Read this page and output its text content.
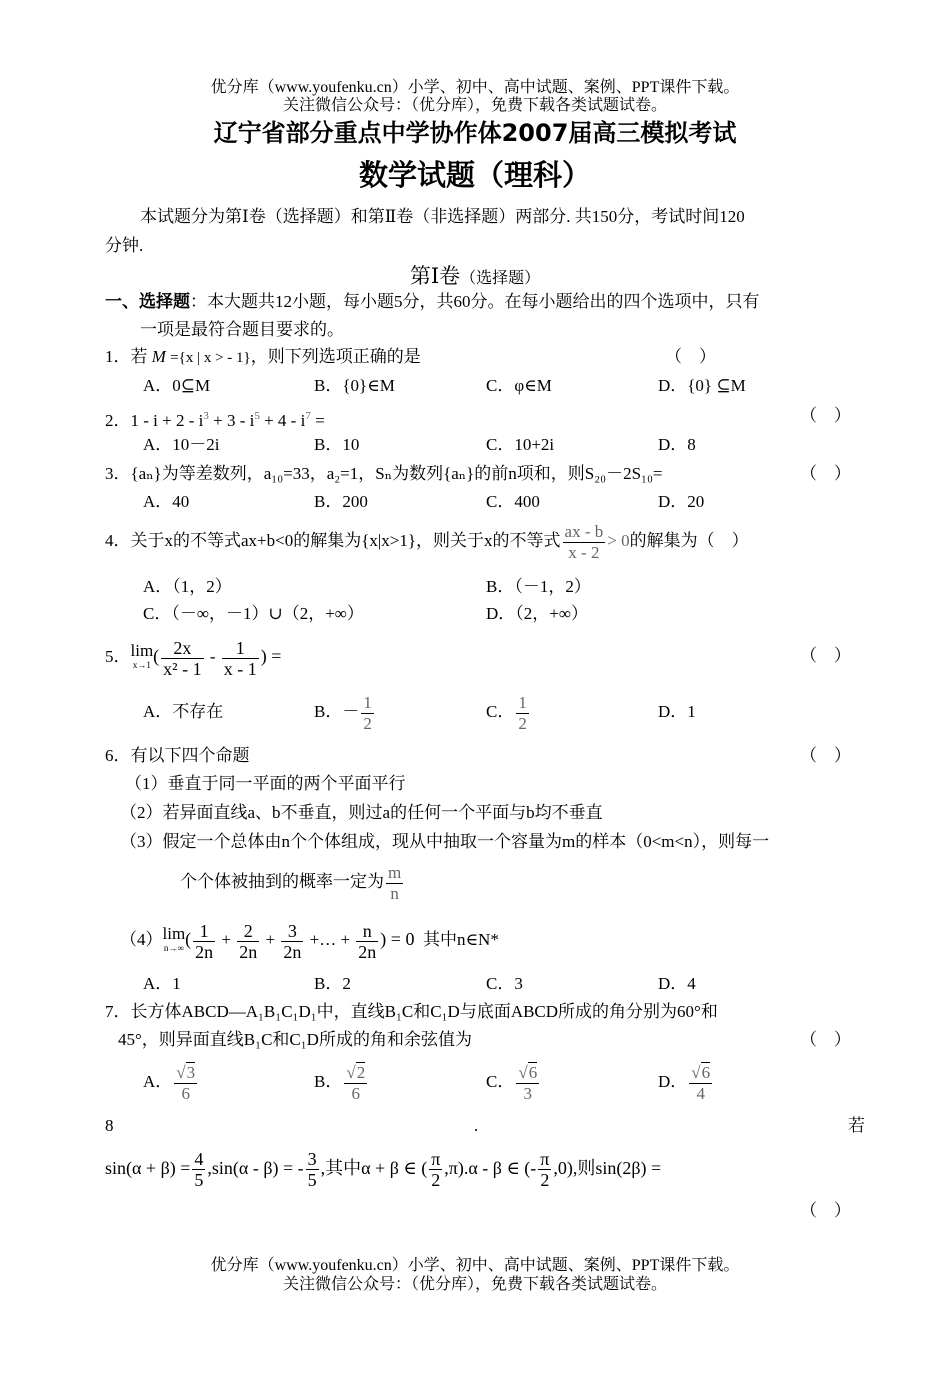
优分库（www.youfenku.cn）小学、初中、高中试题、案例、PPT课件下载。
关注微信公众号：（优分库），免费下载各类试题试卷。
辽宁省部分重点中学协作体2007届高三模拟考试
数学试题（理科）
本试题分为第Ⅰ卷（选择题）和第Ⅱ卷（非选择题）两部分. 共150分，考试时间120
分钟.
第Ⅰ卷（选择题）
一、选择题：本大题共12小题，每小题5分，共60分。在每小题给出的四个选项中，只有
一项是最符合题目要求的。
1．若 M ={x | x > - 1}，则下列选项正确的是	（　）
A．0⊆M	B．{0}∈M	C．φ∈M	D．{0} ⊆M
2．$1 - i + 2 - i^3 + 3 - i^5 + 4 - i^7$ =	（　）
A．10－2i	B．10	C．10+2i	D．8
3．{aₙ}为等差数列，a₁₀=33，a₂=1，Sₙ为数列{aₙ}的前n项和，则S₂₀－2S₁₀=	（　）
A．40	B．200	C．400	D．20
4．关于x的不等式ax+b<0的解集为{x|x>1}，则关于x的不等式 $\frac{ax - b}{x - 2} > 0$的解集为（　）
A．（1，2）	B．（－1，2）
C．（－∞，－1）∪（2，+∞）	D．（2，+∞）
5． lim
x→1 ( $\frac{2x}{\text{x² - 1}} - \frac{1}{x - 1}$ ) =	（　）
A．不存在	B．－ $\frac{1}{2}$	C． $\frac{1}{2}$	D．1
6．有以下四个命题	（　）
（1）垂直于同一平面的两个平面平行
（2）若异面直线a、b不垂直，则过a的任何一个平面与b均不垂直
（3）假定一个总体由n个个体组成，现从中抽取一个容量为m的样本（0<m<n），则每一
个个体被抽到的概率一定为 $\frac{m}{n}$
（4） lim
n→∞ ( $\frac{1}{2n} + \frac{2}{2n} + \frac{3}{2n}$ +… + $\frac{n}{2n}$ ) = 0 其中n∈N*
A．1	B．2	C．3	D．4
7．长方体ABCD—A₁B₁C₁D₁中，直线B₁C和C₁D与底面ABCD所成的角分别为60°和
45°，则异面直线B₁C和C₁D所成的角和余弦值为	（　）
A． $\frac{√3}{6}$	B． $\frac{√2}{6}$	C． $\frac{√6}{3}$	D． $\frac{√6}{4}$
8	.	若
$\sin(\alpha + \beta) = \frac{4}{5} ,\sin(\alpha - \beta)$ = - $\frac{3}{5}$ ,其中α + β ∈ ( $\frac{\pi}{2} ,\pi).\alpha$ - β ∈ (- $\frac{\pi}{2} ,0$),则sin(2β) =
（　）
优分库（www.youfenku.cn）小学、初中、高中试题、案例、PPT课件下载。
关注微信公众号：（优分库），免费下载各类试题试卷。
